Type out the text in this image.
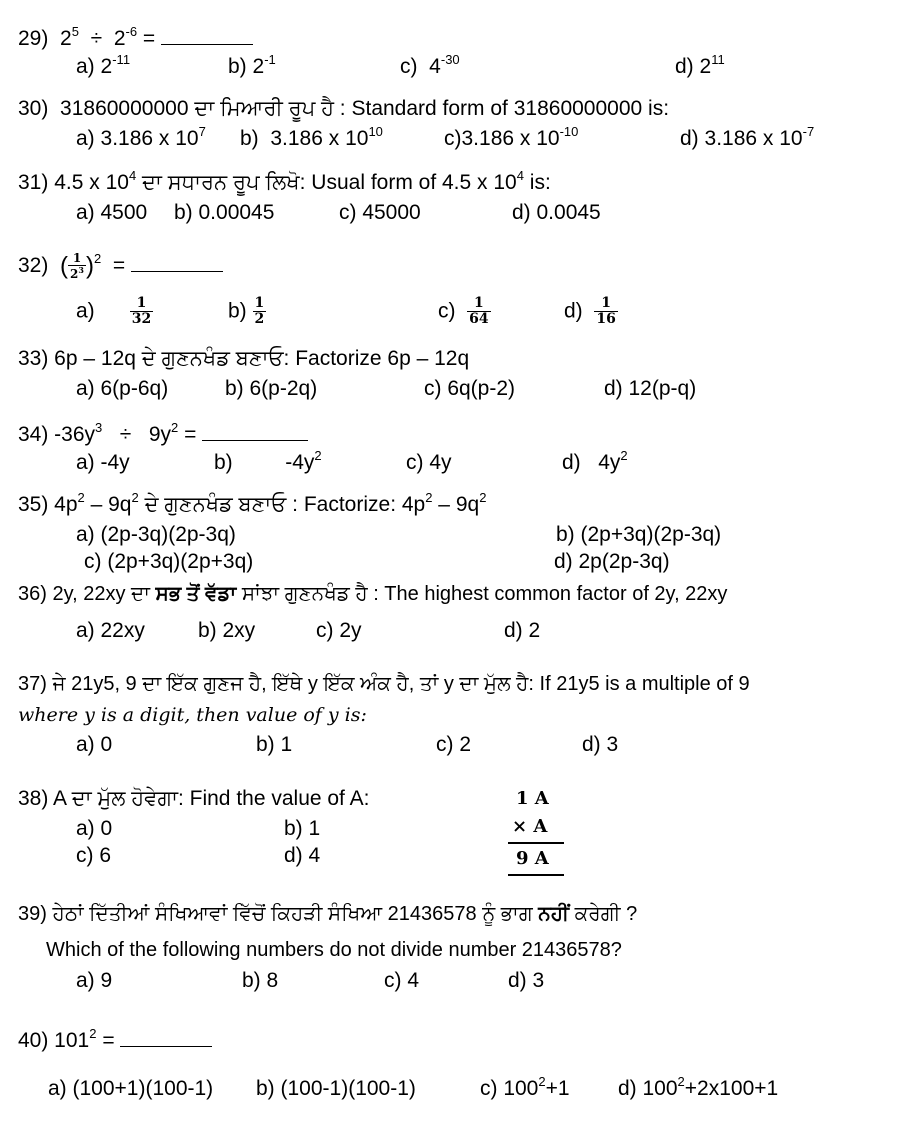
29) $2^5 \div 2^{-6}$ =
a) $2^{-11}$	b) $2^{-1}$	c) $4^{-30}$	d) $2^{11}$
30) 31860000000 ਦਾ ਮਿਆਰੀ ਰੂਪ ਹੈ : Standard form of 31860000000 is:
a) 3.186 x $10^7$ b) 3.186 x $10^{10}$	c)3.186 x $10^{-10}$	d) 3.186 x $10^{-7}$
31) 4.5 x $10^4$ ਦਾ ਸਧਾਰਨ ਰੂਪ ਲਿਖੋ: Usual form of 4.5 x $10^4$ is:
a) 4500 b) 0.00045	c) 45000	d) 0.0045
32) ( $\frac{1}{2^3} )^2$ =
a)	$\frac{1}{32}$	$b) \frac{1}{2}$	$c) \frac{1}{64}$	$d) \frac{1}{16}$
33) 6p – 12q ਦੇ ਗੁਣਨਖੰਡ ਬਣਾਓ: Factorize 6p – 12q
a) 6(p-6q)	b) 6(p-2q)	c) 6q(p-2)	d) 12(p-q)
34) $-36y^3 \div 9y^2$ =
a) -4y	b)	$-4y^2$	c) 4y	d) $4y^2$
35) $4p^2 - 9q^2$ ਦੇ ਗੁਣਨਖੰਡ ਬਣਾਓ : Factorize: $4p^2 - 9q^2$
a) (2p-3q)(2p-3q)	b) (2p+3q)(2p-3q)
c) (2p+3q)(2p+3q)	d) 2p(2p-3q)
36) 2y, 22xy ਦਾ ਸਭ ਤੋਂ ਵੱਡਾ ਸਾਂਝਾ ਗੁਣਨਖੰਡ ਹੈ : The highest common factor of 2y, 22xy
a) 22xy	b) 2xy	c) 2y	d) 2
37) ਜੇ 21y5, 9 ਦਾ ਇੱਕ ਗੁਣਜ ਹੈ, ਇੱਥੇ y ਇੱਕ ਅੰਕ ਹੈ, ਤਾਂ y ਦਾ ਮੁੱਲ ਹੈ: If 21y5 is a multiple of 9
where y is a digit, then value of y is:
a) 0	b) 1	c) 2	d) 3
38) A ਦਾ ਮੁੱਲ ਹੋਵੇਗਾ: Find the value of A:
a) 0	b) 1
c) 6	d) 4
1 A
× A
9 A
39) ਹੇਠਾਂ ਦਿੱਤੀਆਂ ਸੰਖਿਆਵਾਂ ਵਿੱਚੋਂ ਕਿਹੜੀ ਸੰਖਿਆ 21436578 ਨੂੰ ਭਾਗ ਨਹੀਂ ਕਰੇਗੀ ?
Which of the following numbers do not divide number 21436578?
a) 9	b) 8	c) 4	d) 3
40) $101^2$ =
a) (100+1)(100-1) b) (100-1)(100-1)	c) $100^2+1$ d) $100^2+2x100+1$
